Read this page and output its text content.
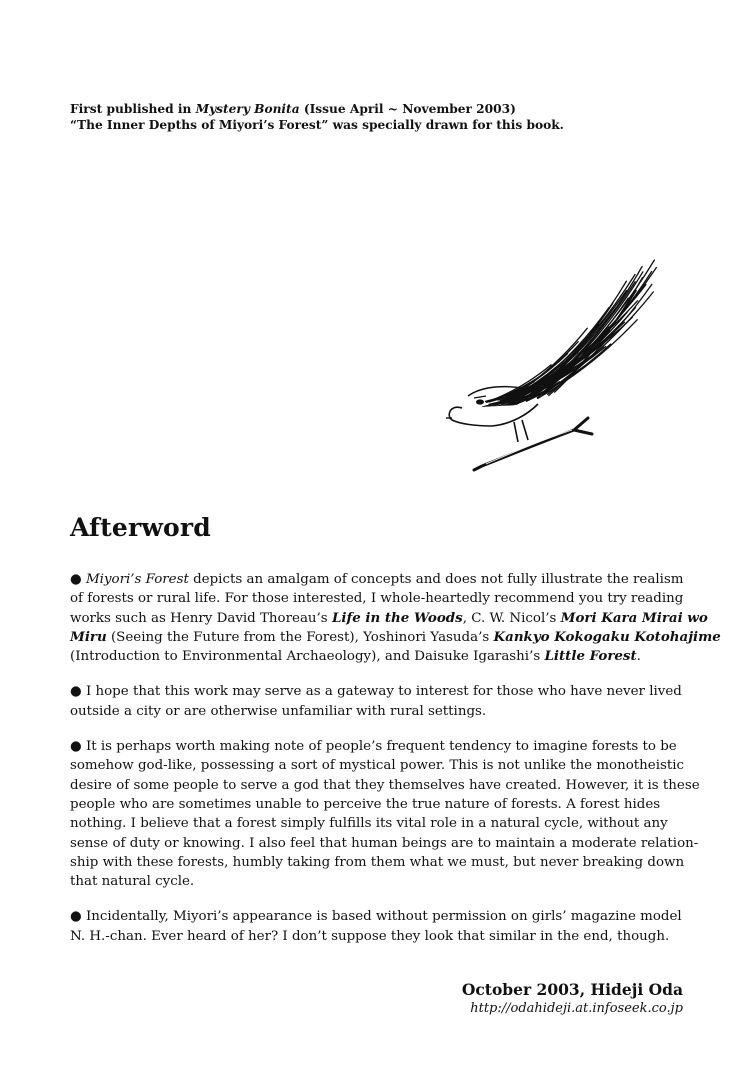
First published in Mystery Bonita (Issue April ~ November 2003)

“The Inner Depths of Miyori’s Forest” was specially drawn for this book.

Afterword
● Miyori’s Forest depicts an amalgam of concepts and does not fully illustrate the realism
of forests or rural life. For those interested, I whole-heartedly recommend you try reading
works such as Henry David Thoreau’s Life in the Woods, C. W. Nicol’s Mori Kara Mirai wo
Miru (Seeing the Future from the Forest), Yoshinori Yasuda’s Kankyo Kokogaku Kotohajime
(Introduction to Environmental Archaeology), and Daisuke Igarashi’s Little Forest.
● I hope that this work may serve as a gateway to interest for those who have never lived
outside a city or are otherwise unfamiliar with rural settings.
● It is perhaps worth making note of people’s frequent tendency to imagine forests to be
somehow god-like, possessing a sort of mystical power. This is not unlike the monotheistic
desire of some people to serve a god that they themselves have created. However, it is these
people who are sometimes unable to perceive the true nature of forests. A forest hides
nothing. I believe that a forest simply fulfills its vital role in a natural cycle, without any
sense of duty or knowing. I also feel that human beings are to maintain a moderate relation-
ship with these forests, humbly taking from them what we must, but never breaking down
that natural cycle.
● Incidentally, Miyori’s appearance is based without permission on girls’ magazine model
N. H.-chan. Ever heard of her? I don’t suppose they look that similar in the end, though.
October 2003, Hideji Oda
http://odahideji.at.infoseek.co.jp
